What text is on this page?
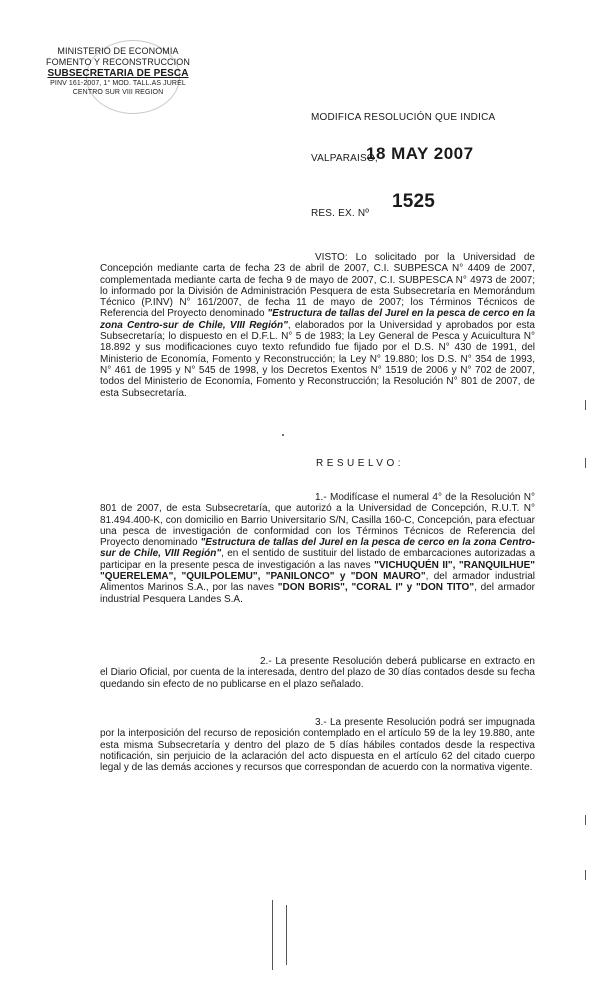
MINISTERIO DE ECONOMIA
FOMENTO Y RECONSTRUCCION
SUBSECRETARIA DE PESCA
PINV 161-2007, 1° MOD. TALL.AS JUREL
CENTRO SUR VIII REGION
MODIFICA RESOLUCIÓN QUE INDICA
VALPARAISO,
18 MAY 2007
RES. EX. Nº
1525
VISTO: Lo solicitado por la Universidad de Concepción mediante carta de fecha 23 de abril de 2007, C.I. SUBPESCA N° 4409 de 2007, complementada mediante carta de fecha 9 de mayo de 2007, C.I. SUBPESCA N° 4973 de 2007; lo informado por la División de Administración Pesquera de esta Subsecretaría en Memorándum Técnico (P.INV) N° 161/2007, de fecha 11 de mayo de 2007; los Términos Técnicos de Referencia del Proyecto denominado "Estructura de tallas del Jurel en la pesca de cerco en la zona Centro-sur de Chile, VIII Región", elaborados por la Universidad y aprobados por esta Subsecretaría; lo dispuesto en el D.F.L. N° 5 de 1983; la Ley General de Pesca y Acuicultura N° 18.892 y sus modificaciones cuyo texto refundido fue fijado por el D.S. N° 430 de 1991, del Ministerio de Economía, Fomento y Reconstrucción; la Ley N° 19.880; los D.S. N° 354 de 1993, N° 461 de 1995 y N° 545 de 1998, y los Decretos Exentos N° 1519 de 2006 y N° 702 de 2007, todos del Ministerio de Economía, Fomento y Reconstrucción; la Resolución N° 801 de 2007, de esta Subsecretaría.
RESUELVO:
1.- Modifícase el numeral 4° de la Resolución N° 801 de 2007, de esta Subsecretaría, que autorizó a la Universidad de Concepción, R.U.T. N° 81.494.400-K, con domicilio en Barrio Universitario S/N, Casilla 160-C, Concepción, para efectuar una pesca de investigación de conformidad con los Términos Técnicos de Referencia del Proyecto denominado "Estructura de tallas del Jurel en la pesca de cerco en la zona Centro-sur de Chile, VIII Región", en el sentido de sustituir del listado de embarcaciones autorizadas a participar en la presente pesca de investigación a las naves "VICHUQUÉN II", "RANQUILHUE" "QUERELEMA", "QUILPOLEMU", "PANILONCO" y "DON MAURO", del armador industrial Alimentos Marinos S.A., por las naves "DON BORIS", "CORAL I" y "DON TITO", del armador industrial Pesquera Landes S.A.
2.- La presente Resolución deberá publicarse en extracto en el Diario Oficial, por cuenta de la interesada, dentro del plazo de 30 días contados desde su fecha quedando sin efecto de no publicarse en el plazo señalado.
3.- La presente Resolución podrá ser impugnada por la interposición del recurso de reposición contemplado en el artículo 59 de la ley 19.880, ante esta misma Subsecretaría y dentro del plazo de 5 días hábiles contados desde la respectiva notificación, sin perjuicio de la aclaración del acto dispuesta en el artículo 62 del citado cuerpo legal y de las demás acciones y recursos que correspondan de acuerdo con la normativa vigente.
